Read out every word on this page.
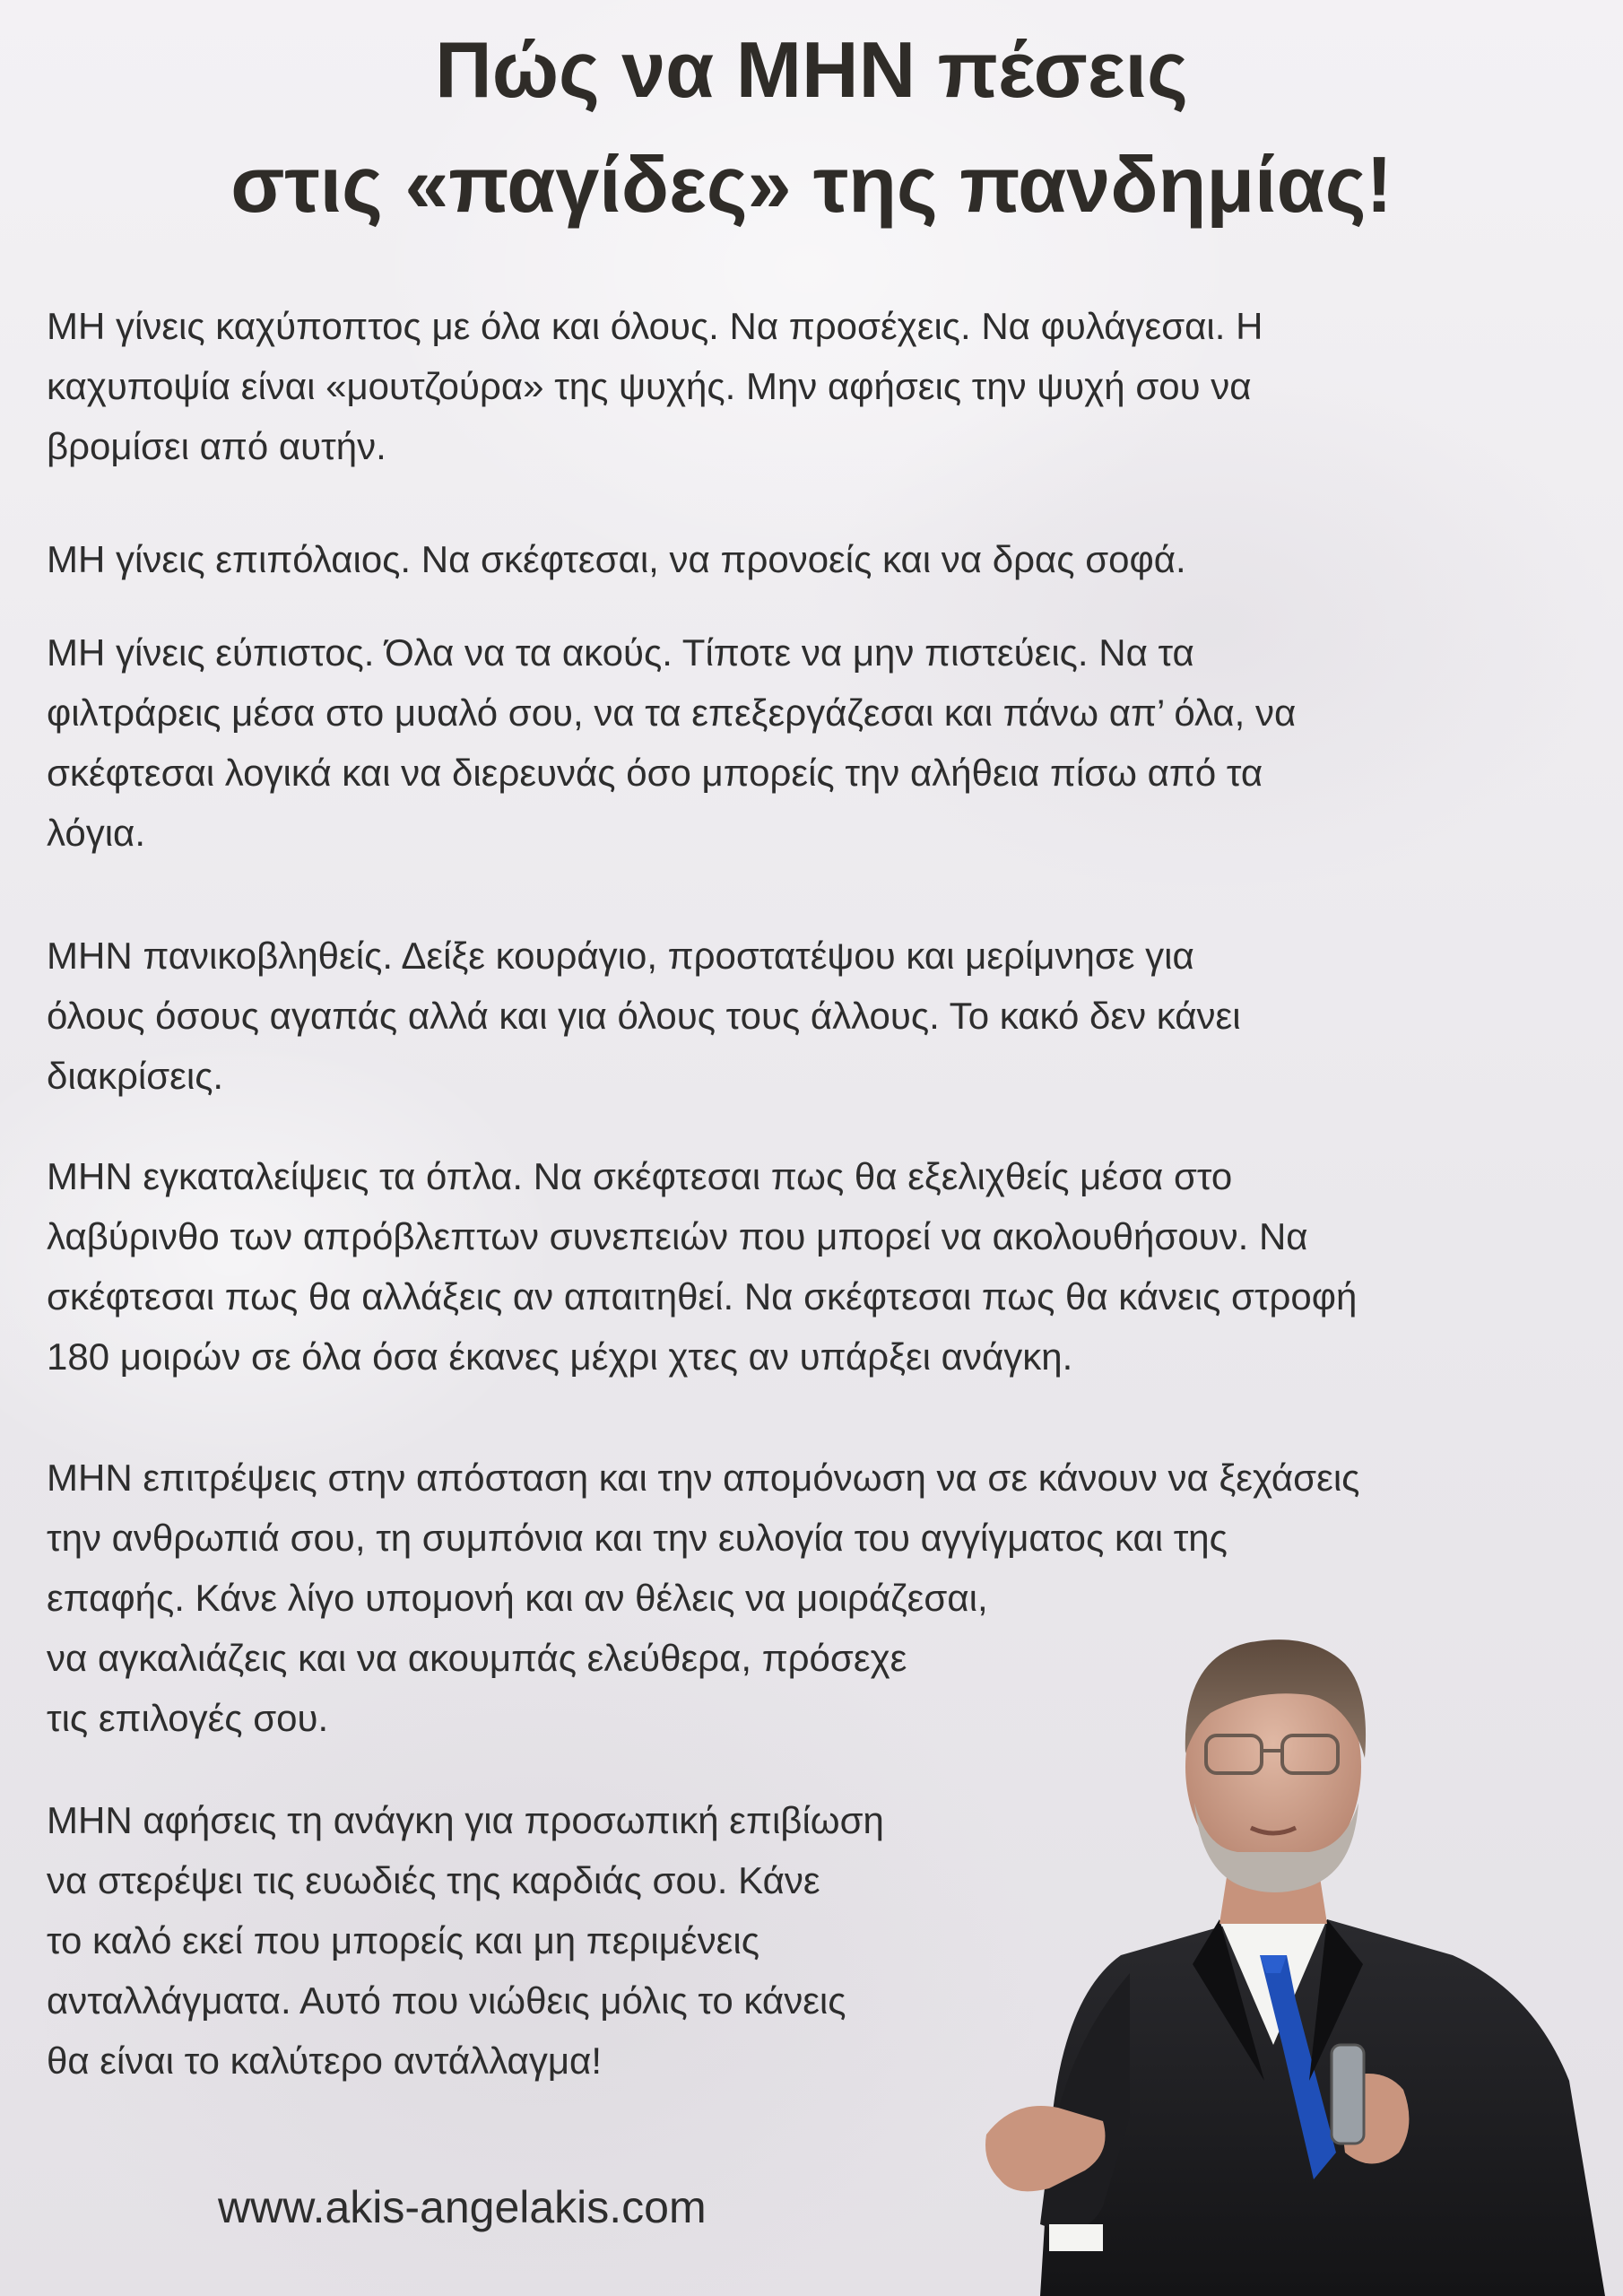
Πώς να ΜΗΝ πέσεις
στις «παγίδες» της πανδημίας!

ΜΗ γίνεις καχύποπτος με όλα και όλους. Να προσέχεις. Να φυλάγεσαι. Η
καχυποψία είναι «μουτζούρα» της ψυχής. Μην αφήσεις την ψυχή σου να
βρομίσει από αυτήν.

ΜΗ γίνεις επιπόλαιος. Να σκέφτεσαι, να προνοείς και να δρας σοφά.

ΜΗ γίνεις εύπιστος. Όλα να τα ακούς. Τίποτε να μην πιστεύεις. Να τα
φιλτράρεις μέσα στο μυαλό σου, να τα επεξεργάζεσαι και πάνω απ’ όλα, να
σκέφτεσαι λογικά και να διερευνάς όσο μπορείς την αλήθεια πίσω από τα
λόγια.

ΜΗΝ πανικοβληθείς. Δείξε κουράγιο, προστατέψου και μερίμνησε για
όλους όσους αγαπάς αλλά και για όλους τους άλλους. Το κακό δεν κάνει
διακρίσεις.

ΜΗΝ εγκαταλείψεις τα όπλα. Να σκέφτεσαι πως θα εξελιχθείς μέσα στο
λαβύρινθο των απρόβλεπτων συνεπειών που μπορεί να ακολουθήσουν. Να
σκέφτεσαι πως θα αλλάξεις αν απαιτηθεί. Να σκέφτεσαι πως θα κάνεις στροφή
180 μοιρών σε όλα όσα έκανες μέχρι χτες αν υπάρξει ανάγκη.

ΜΗΝ επιτρέψεις στην απόσταση και την απομόνωση να σε κάνουν να ξεχάσεις
την ανθρωπιά σου, τη συμπόνια και την ευλογία του αγγίγματος και της
επαφής. Κάνε λίγο υπομονή και αν θέλεις να μοιράζεσαι,
να αγκαλιάζεις και να ακουμπάς ελεύθερα, πρόσεχε
τις επιλογές σου.

ΜΗΝ αφήσεις τη ανάγκη για προσωπική επιβίωση
να στερέψει τις ευωδιές της καρδιάς σου. Κάνε
το καλό εκεί που μπορείς και μη περιμένεις
ανταλλάγματα. Αυτό που νιώθεις μόλις το κάνεις
θα είναι το καλύτερο αντάλλαγμα!

www.akis-angelakis.com
